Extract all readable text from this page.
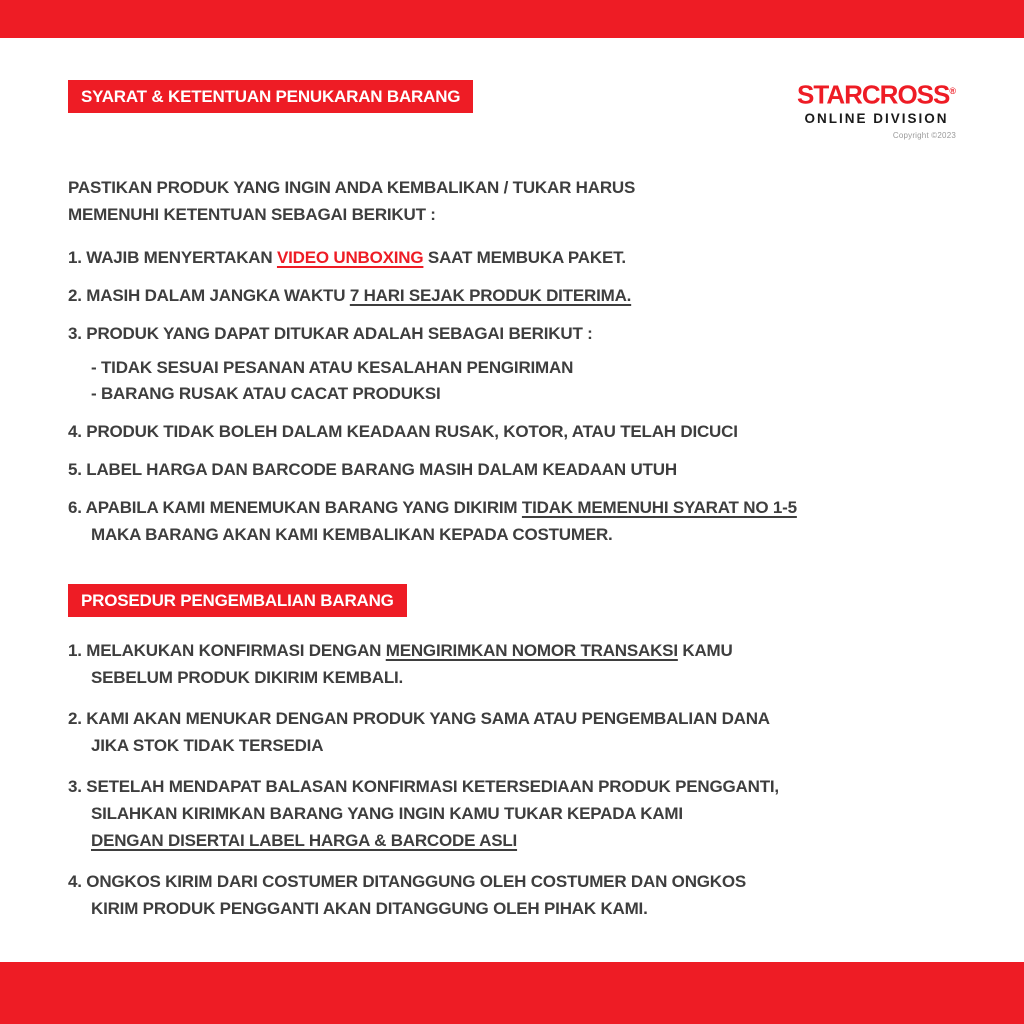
SYARAT & KETENTUAN PENUKARAN BARANG	STARCROSS®
ONLINE DIVISION
Copyright ©2023
PASTIKAN PRODUK YANG INGIN ANDA KEMBALIKAN / TUKAR HARUS
MEMENUHI KETENTUAN SEBAGAI BERIKUT :
1. WAJIB MENYERTAKAN VIDEO UNBOXING SAAT MEMBUKA PAKET.
2. MASIH DALAM JANGKA WAKTU 7 HARI SEJAK PRODUK DITERIMA.
3. PRODUK YANG DAPAT DITUKAR ADALAH SEBAGAI BERIKUT :
- TIDAK SESUAI PESANAN ATAU KESALAHAN PENGIRIMAN
- BARANG RUSAK ATAU CACAT PRODUKSI
4. PRODUK TIDAK BOLEH DALAM KEADAAN RUSAK, KOTOR, ATAU TELAH DICUCI
5. LABEL HARGA DAN BARCODE BARANG MASIH DALAM KEADAAN UTUH
6. APABILA KAMI MENEMUKAN BARANG YANG DIKIRIM TIDAK MEMENUHI SYARAT NO 1-5
MAKA BARANG AKAN KAMI KEMBALIKAN KEPADA COSTUMER.
PROSEDUR PENGEMBALIAN BARANG
1. MELAKUKAN KONFIRMASI DENGAN MENGIRIMKAN NOMOR TRANSAKSI KAMU
SEBELUM PRODUK DIKIRIM KEMBALI.
2. KAMI AKAN MENUKAR DENGAN PRODUK YANG SAMA ATAU PENGEMBALIAN DANA
JIKA STOK TIDAK TERSEDIA
3. SETELAH MENDAPAT BALASAN KONFIRMASI KETERSEDIAAN PRODUK PENGGANTI,
SILAHKAN KIRIMKAN BARANG YANG INGIN KAMU TUKAR KEPADA KAMI
DENGAN DISERTAI LABEL HARGA & BARCODE ASLI
4. ONGKOS KIRIM DARI COSTUMER DITANGGUNG OLEH COSTUMER DAN ONGKOS
KIRIM PRODUK PENGGANTI AKAN DITANGGUNG OLEH PIHAK KAMI.
